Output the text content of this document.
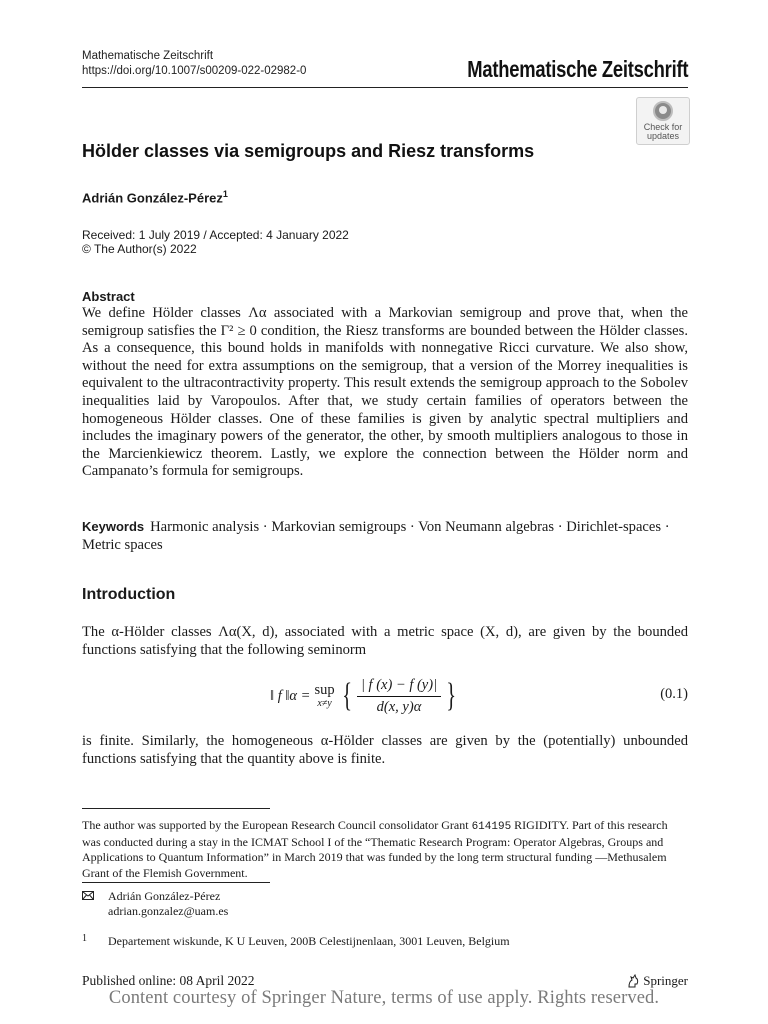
Mathematische Zeitschrift
https://doi.org/10.1007/s00209-022-02982-0	Mathematische Zeitschrift
Check for
updates
Hölder classes via semigroups and Riesz transforms
Adrián González-Pérez$^1$
Received: 1 July 2019 / Accepted: 4 January 2022
© The Author(s) 2022
Abstract
We define Hölder classes Λα associated with a Markovian semigroup and prove that, when the semigroup satisfies the Γ² ≥ 0 condition, the Riesz transforms are bounded between the Hölder classes. As a consequence, this bound holds in manifolds with nonnegative Ricci curvature. We also show, without the need for extra assumptions on the semigroup, that a version of the Morrey inequalities is equivalent to the ultracontractivity property. This result extends the semigroup approach to the Sobolev inequalities laid by Varopoulos. After that, we study certain families of operators between the homogeneous Hölder classes. One of these families is given by analytic spectral multipliers and includes the imaginary powers of the generator, the other, by smooth multipliers analogous to those in the Marcienkiewicz theorem. Lastly, we explore the connection between the Hölder norm and Campanato’s formula for semigroups.
Keywords Harmonic analysis · Markovian semigroups · Von Neumann algebras · Dirichlet-spaces · Metric spaces
Introduction
The α-Hölder classes Λα(X, d), associated with a metric space (X, d), are given by the bounded functions satisfying that the following seminorm
‖ f ‖α = sup
x≠y { $\frac{| f (x) - f (y)|}{d(x, y)\alpha}$ }	(0.1)
is finite. Similarly, the homogeneous α-Hölder classes are given by the (potentially) unbounded functions satisfying that the quantity above is finite.
The author was supported by the European Research Council consolidator Grant 614195 RIGIDITY. Part of this research was conducted during a stay in the ICMAT School I of the “Thematic Research Program: Operator Algebras, Groups and Applications to Quantum Information” in March 2019 that was funded by the long term structural funding —Methusalem Grant of the Flemish Government.
Adrián González-Pérez
adrian.gonzalez@uam.es
1 Departement wiskunde, K U Leuven, 200B Celestijnenlaan, 3001 Leuven, Belgium
Published online: 08 April 2022	Springer
Content courtesy of Springer Nature, terms of use apply. Rights reserved.
